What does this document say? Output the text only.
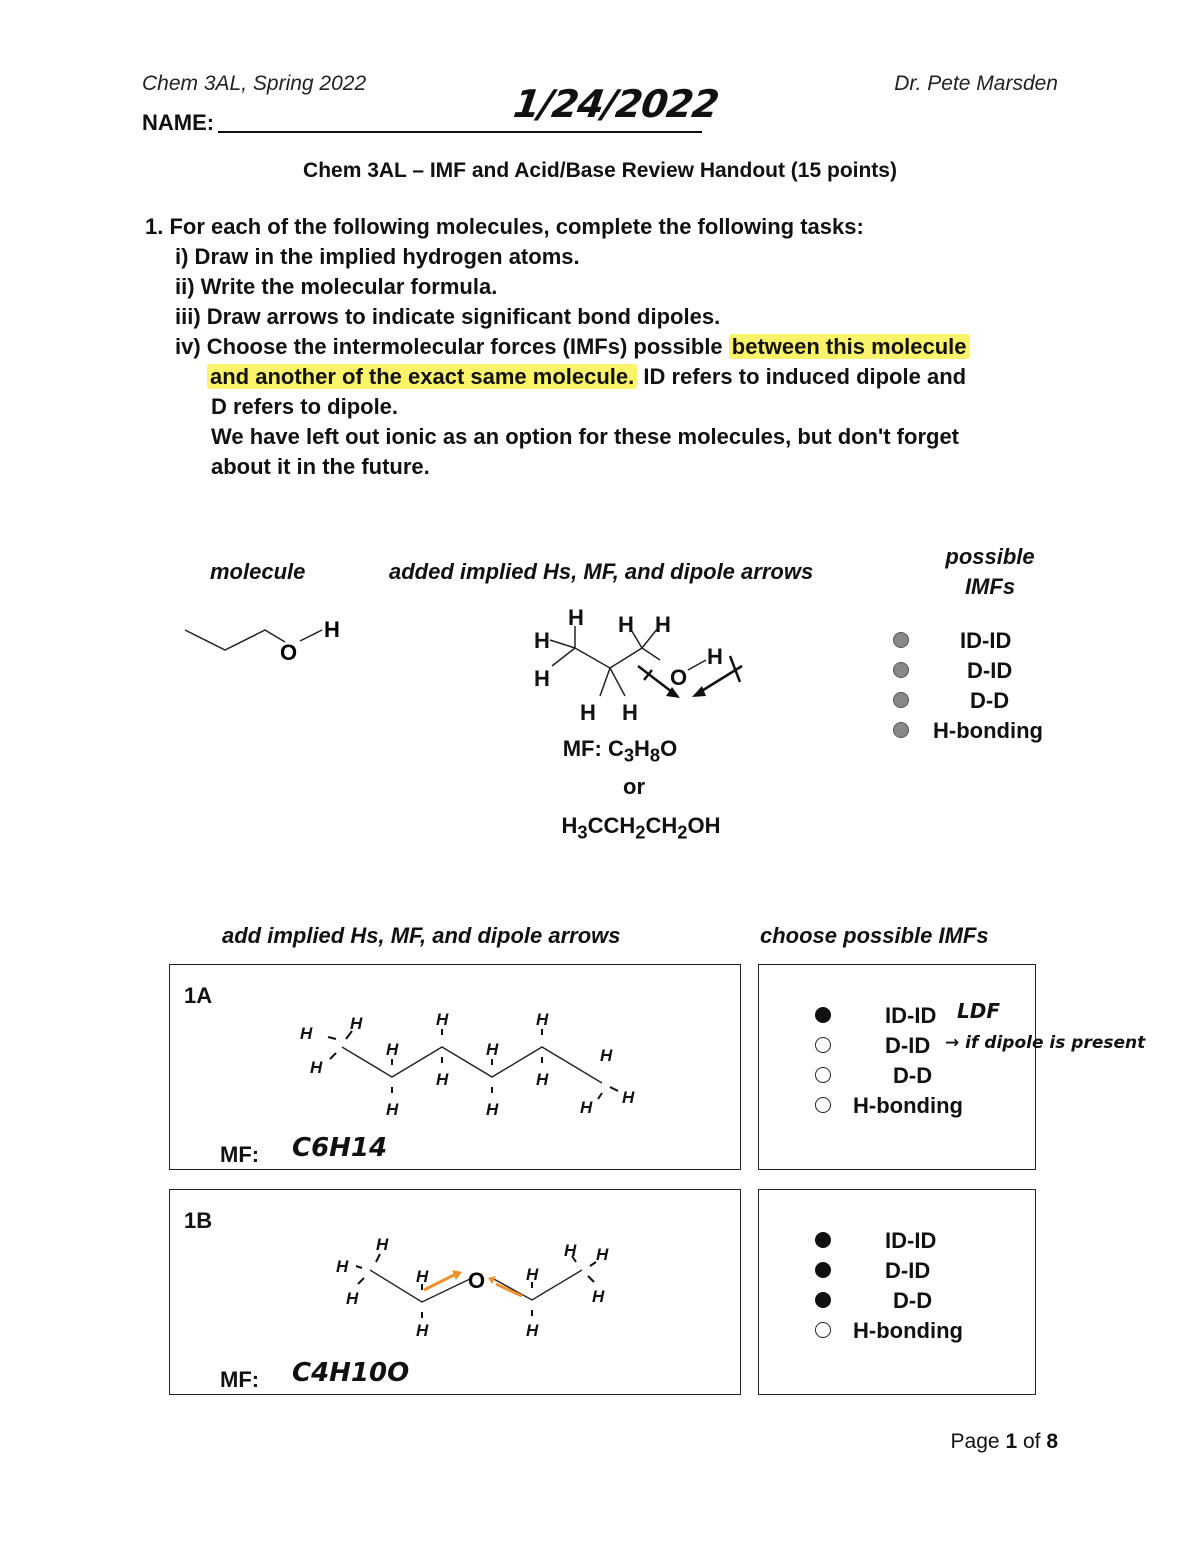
Chem 3AL, Spring 2022	Dr. Pete Marsden
NAME:	1/24/2022
Chem 3AL – IMF and Acid/Base Review Handout (15 points)
1. For each of the following molecules, complete the following tasks:
i) Draw in the implied hydrogen atoms.
ii) Write the molecular formula.
iii) Draw arrows to indicate significant bond dipoles.
iv) Choose the intermolecular forces (IMFs) possible between this molecule
and another of the exact same molecule. ID refers to induced dipole and
D refers to dipole.
We have left out ionic as an option for these molecules, but don't forget
about it in the future.
molecule	added implied Hs, MF, and dipole arrows
possible
IMFs
O
H	H
H
H
H H
H H
O
H
MF: $C_3H_8O$
or
$H_3CCH_2CH_2OH$
ID-ID
D-ID
D-D
H-bonding
add implied Hs, MF, and dipole arrows	choose possible IMFs
1A
H
H
H
H
H
H
H
H
H
H
H
H
H
H
MF: C6H14
ID-ID LDF
D-ID → if dipole is present
D-D
H-bonding
1B
H
H
H
H
H
H
H
H H
H
O
MF: C4H10O
ID-ID
D-ID
D-D
H-bonding
Page 1 of 8
